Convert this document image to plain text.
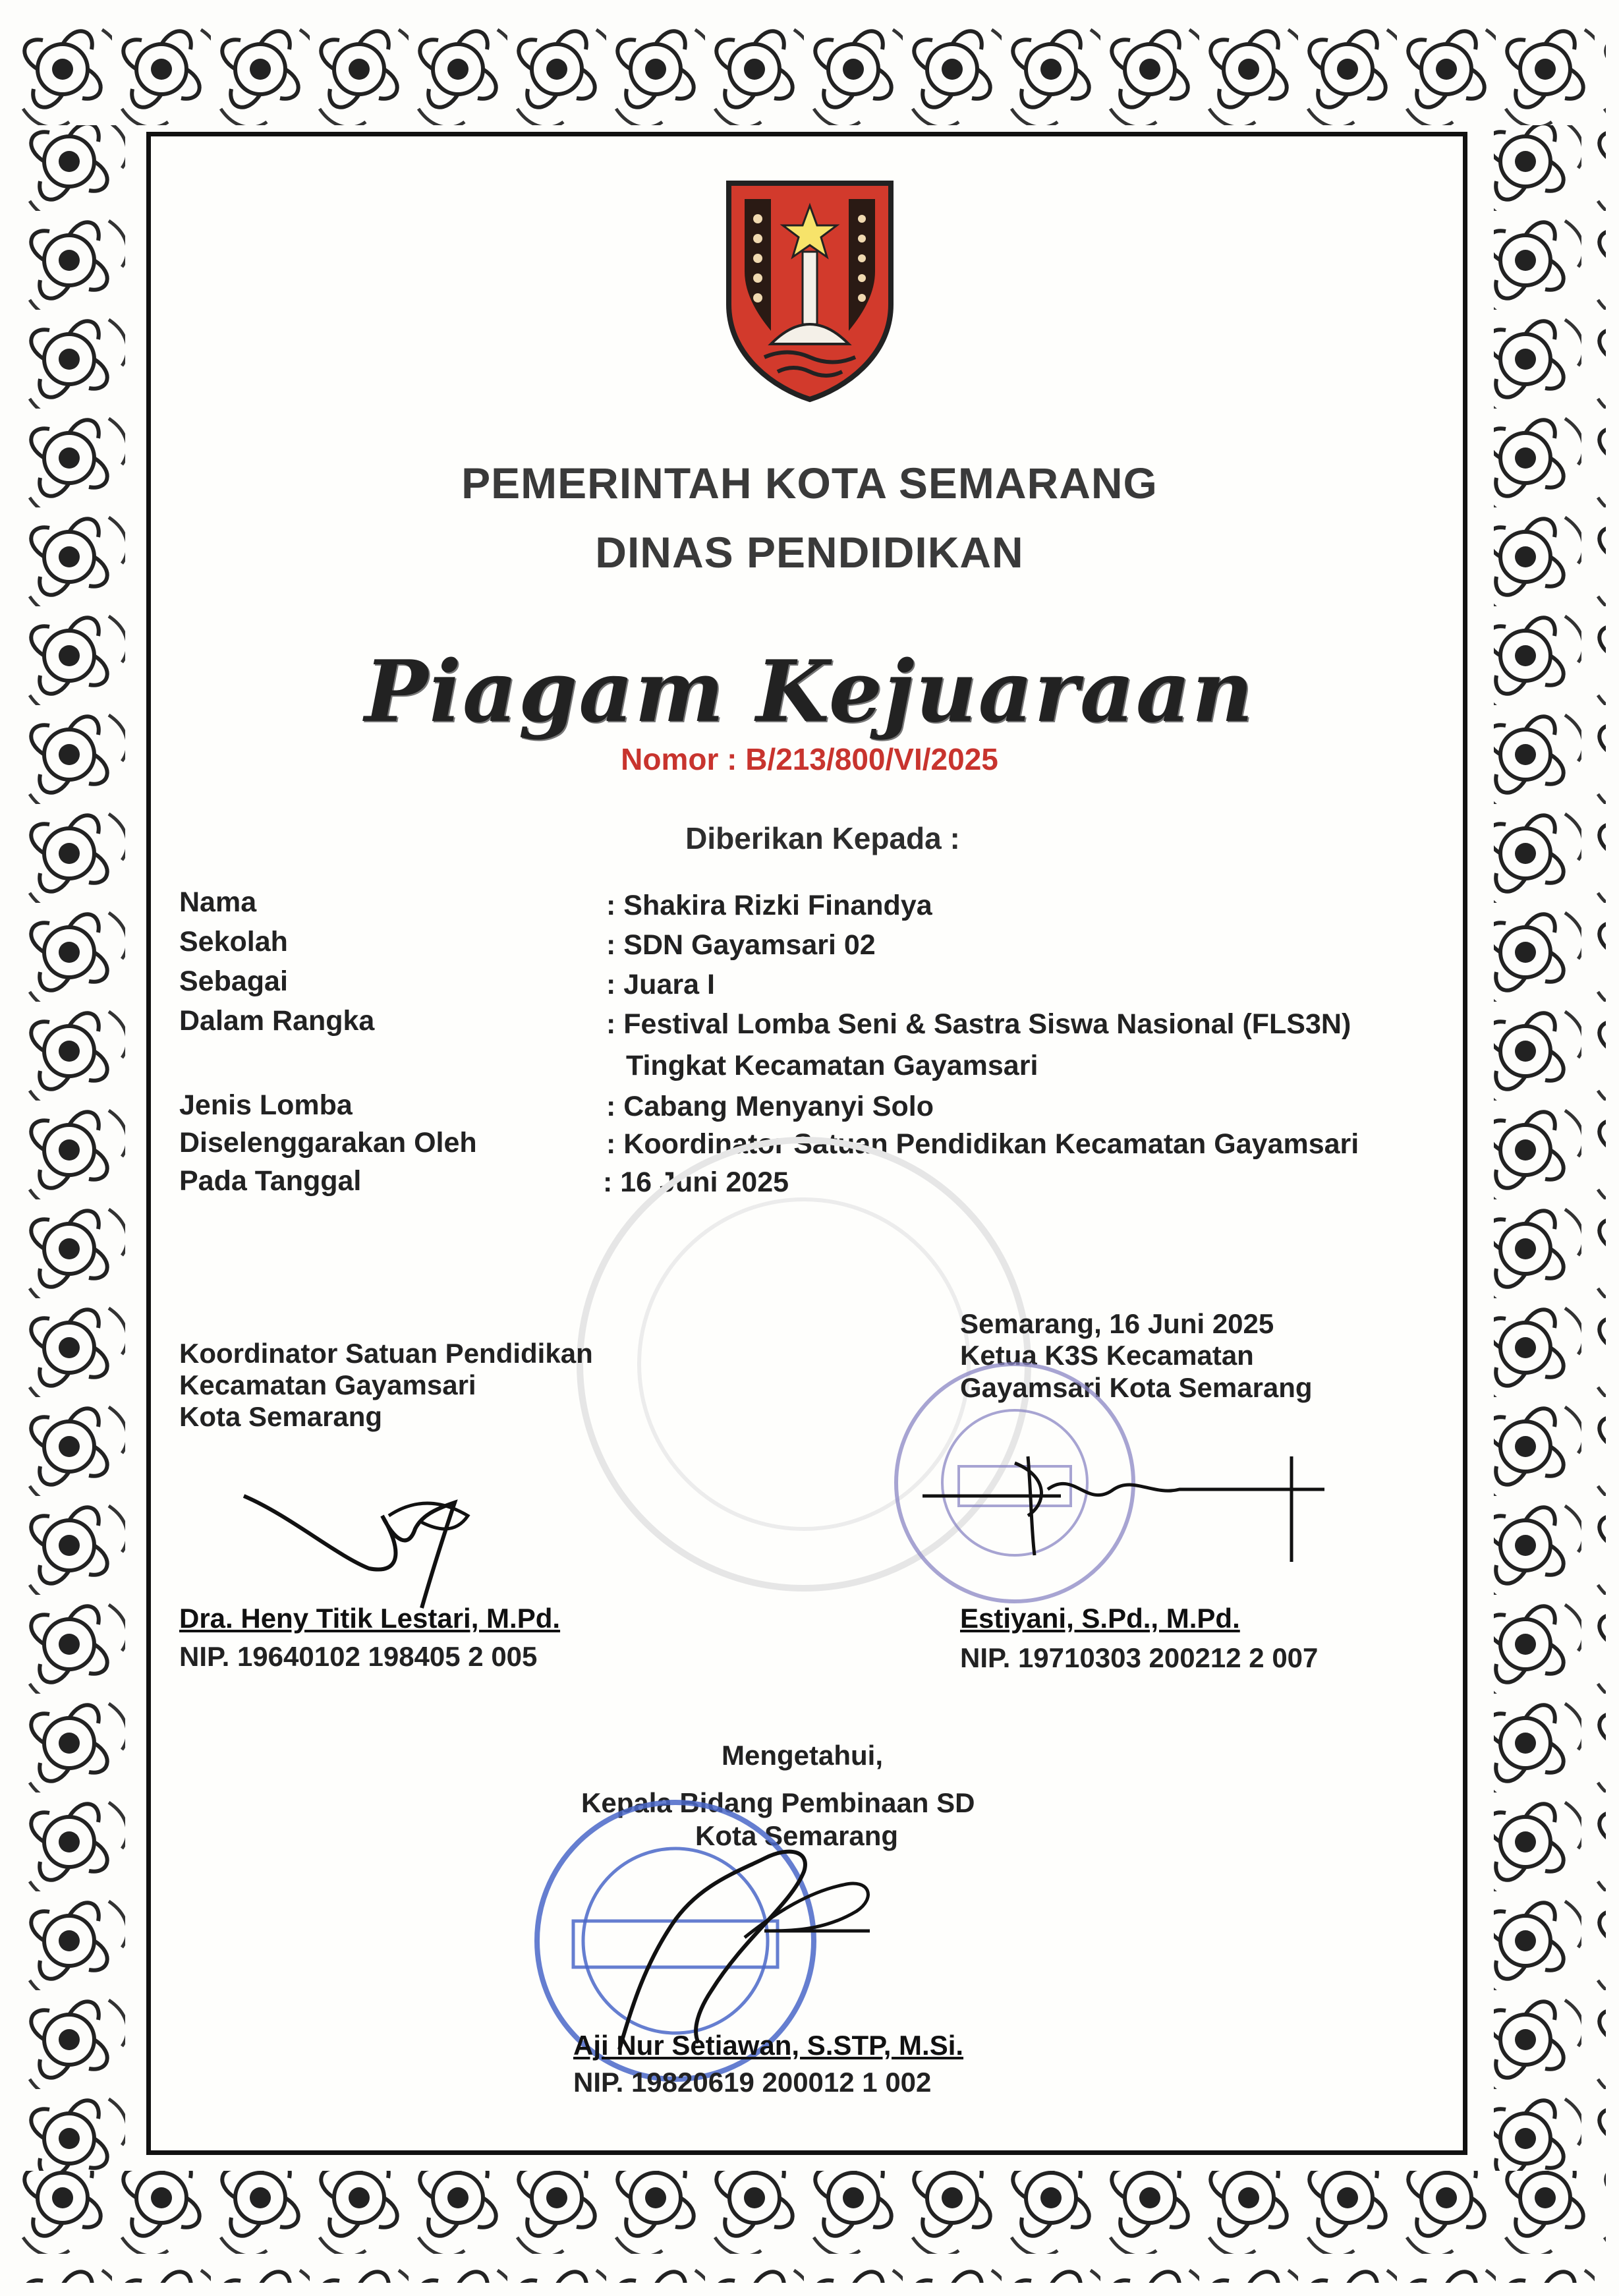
PEMERINTAH KOTA SEMARANG
DINAS PENDIDIKAN
Piagam Kejuaraan
Nomor : B/213/800/VI/2025
Diberikan Kepada :
Nama	: Shakira Rizki Finandya
Sekolah	: SDN Gayamsari 02
Sebagai	: Juara I
Dalam Rangka	: Festival Lomba Seni & Sastra Siswa Nasional (FLS3N)
Tingkat Kecamatan Gayamsari
Jenis Lomba	: Cabang Menyanyi Solo
Diselenggarakan Oleh	: Koordinator Satuan Pendidikan Kecamatan Gayamsari
Pada Tanggal	: 16 Juni 2025
Koordinator Satuan Pendidikan
Kecamatan Gayamsari
Kota Semarang
Dra. Heny Titik Lestari, M.Pd.
NIP. 19640102 198405 2 005
Semarang, 16 Juni 2025
Ketua K3S Kecamatan
Gayamsari Kota Semarang
Estiyani, S.Pd., M.Pd.
NIP. 19710303 200212 2 007
Mengetahui,
Kepala Bidang Pembinaan SD
Kota Semarang
Aji Nur Setiawan, S.STP, M.Si.
NIP. 19820619 200012 1 002
